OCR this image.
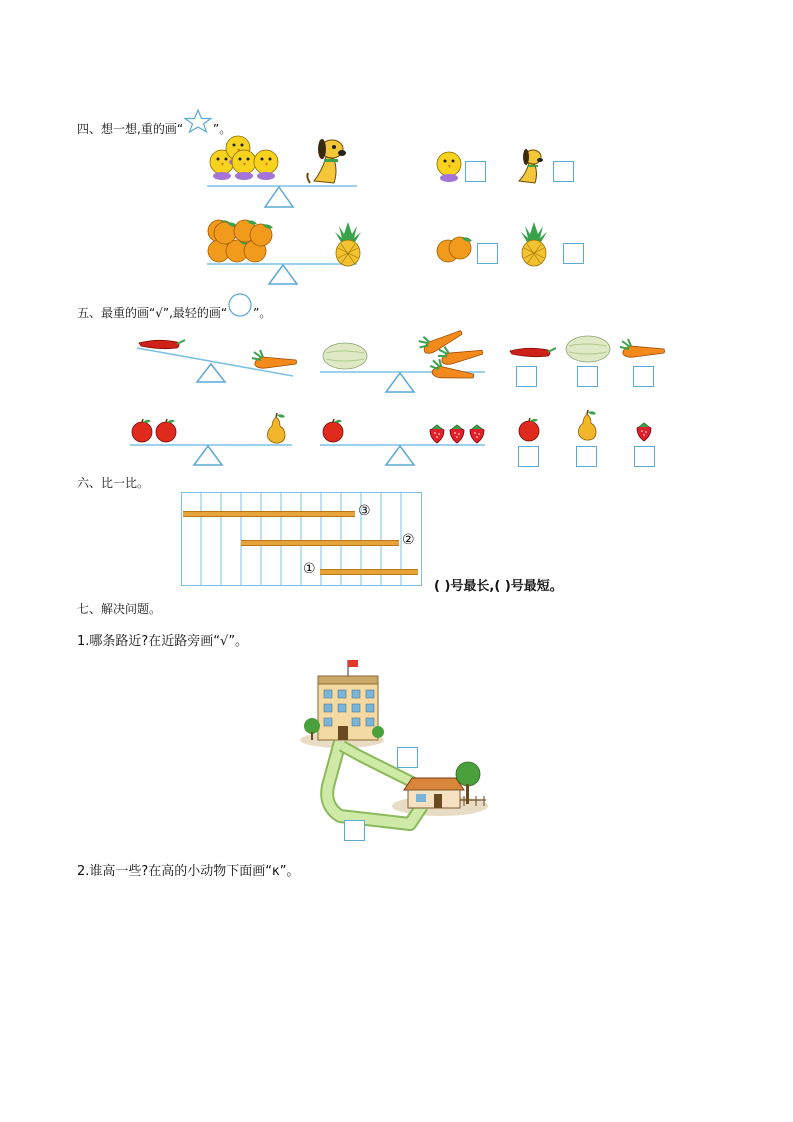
四、想一想,重的画“	”。
五、最重的画“√”,最轻的画“ ”。
六、比一比。
③
②
①
( )号最长,( )号最短。
七、解决问题。
1.哪条路近?在近路旁画“√”。
2.谁高一些?在高的小动物下面画“κ”。
